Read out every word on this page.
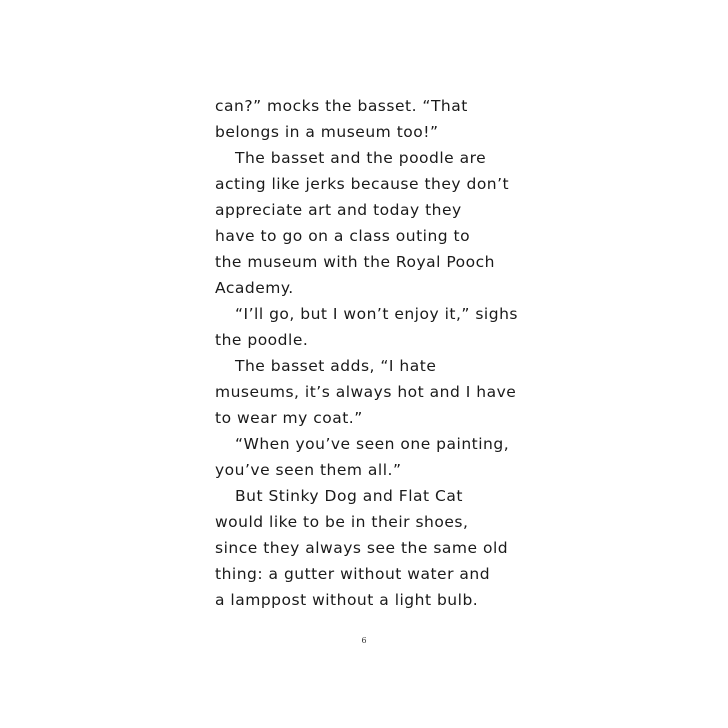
can?” mocks the basset. “That
belongs in a museum too!”
The basset and the poodle are
acting like jerks because they don’t
appreciate art and today they
have to go on a class outing to
the museum with the Royal Pooch
Academy.
“I’ll go, but I won’t enjoy it,” sighs
the poodle.
The basset adds, “I hate
museums, it’s always hot and I have
to wear my coat.”
“When you’ve seen one painting,
you’ve seen them all.”
But Stinky Dog and Flat Cat
would like to be in their shoes,
since they always see the same old
thing: a gutter without water and
a lamppost without a light bulb.
6
